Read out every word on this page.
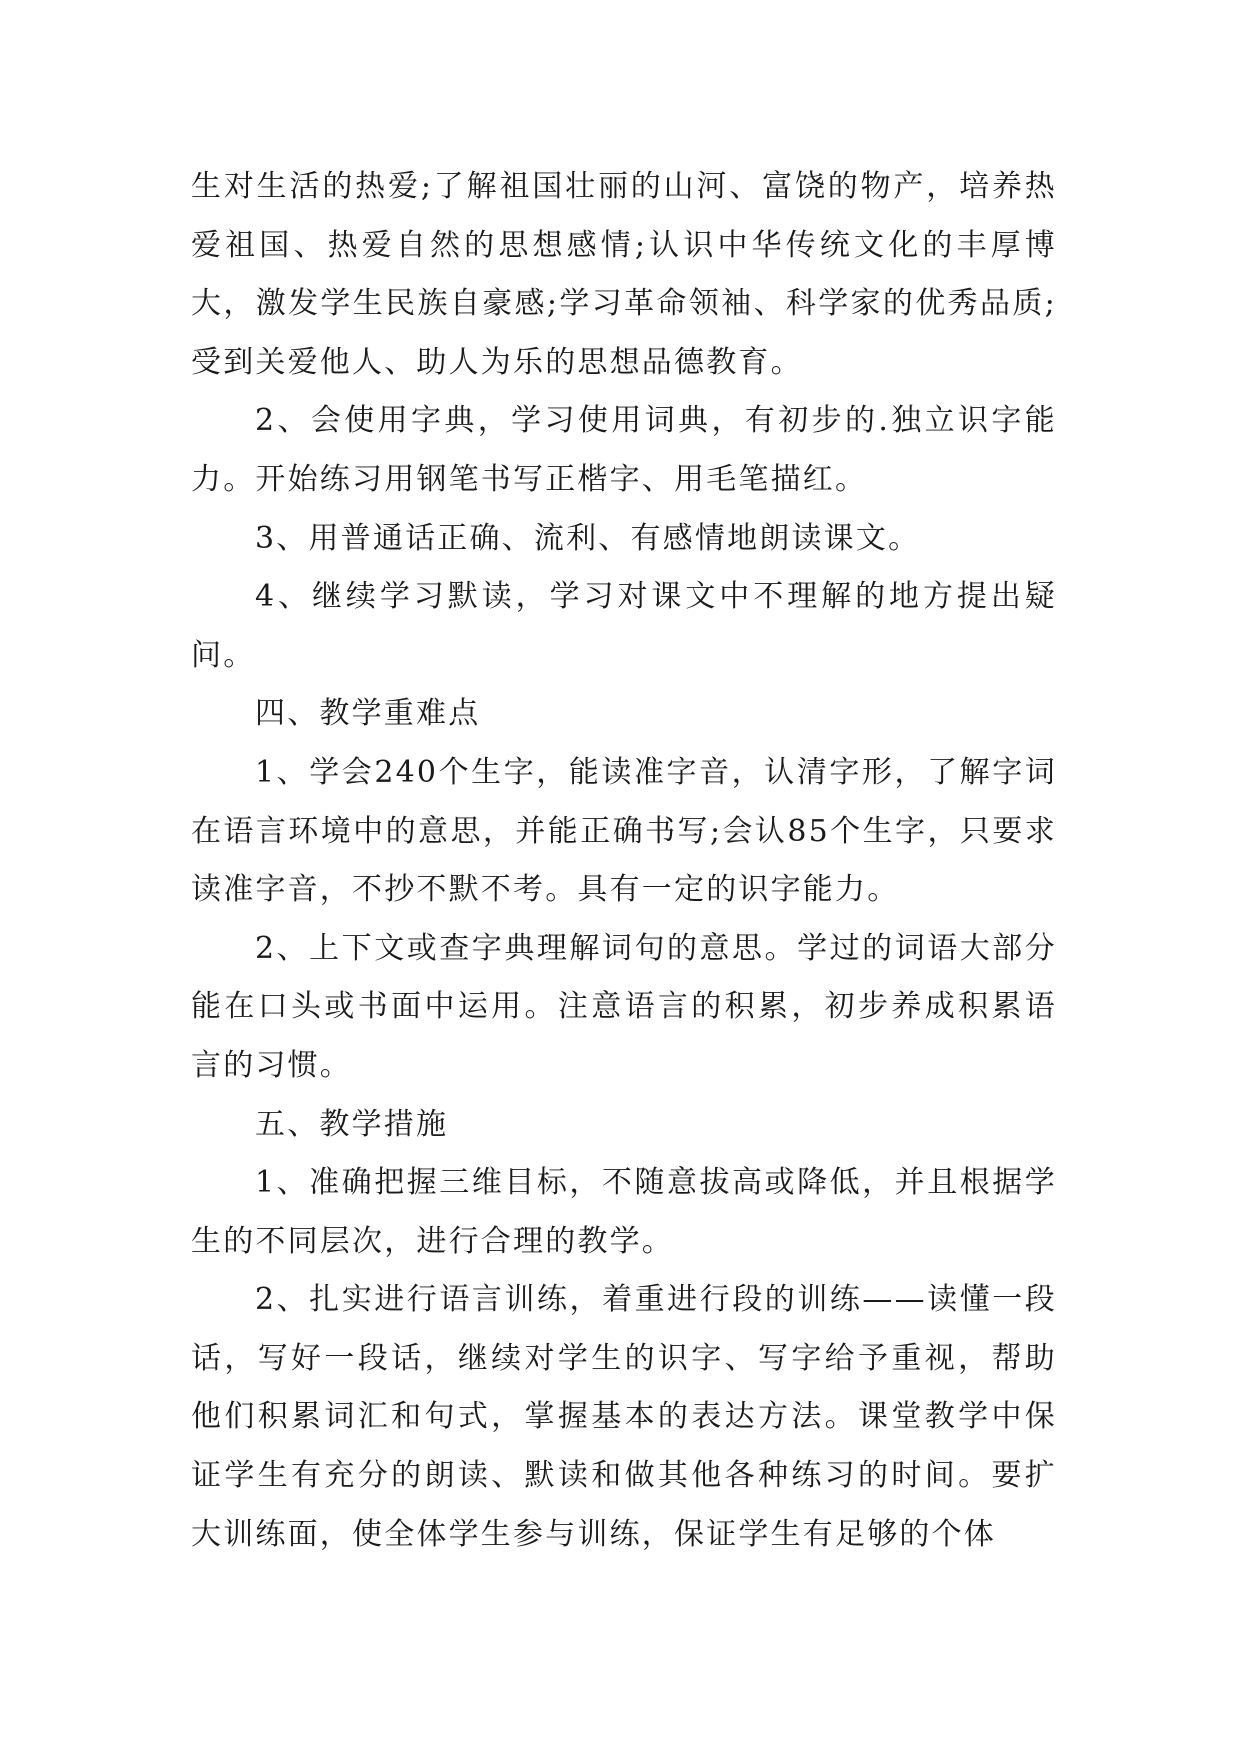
生对生活的热爱;了解祖国壮丽的山河、富饶的物产，培养热爱祖国、热爱自然的思想感情;认识中华传统文化的丰厚博大，激发学生民族自豪感;学习革命领袖、科学家的优秀品质;受到关爱他人、助人为乐的思想品德教育。

2、会使用字典，学习使用词典，有初步的.独立识字能力。开始练习用钢笔书写正楷字、用毛笔描红。

3、用普通话正确、流利、有感情地朗读课文。

4、继续学习默读，学习对课文中不理解的地方提出疑问。

四、教学重难点

1、学会240个生字，能读准字音，认清字形，了解字词在语言环境中的意思，并能正确书写;会认85个生字，只要求读准字音，不抄不默不考。具有一定的识字能力。

2、上下文或查字典理解词句的意思。学过的词语大部分能在口头或书面中运用。注意语言的积累，初步养成积累语言的习惯。

五、教学措施

1、准确把握三维目标，不随意拔高或降低，并且根据学生的不同层次，进行合理的教学。

2、扎实进行语言训练，着重进行段的训练——读懂一段话，写好一段话，继续对学生的识字、写字给予重视，帮助他们积累词汇和句式，掌握基本的表达方法。课堂教学中保证学生有充分的朗读、默读和做其他各种练习的时间。要扩大训练面，使全体学生参与训练，保证学生有足够的个体
